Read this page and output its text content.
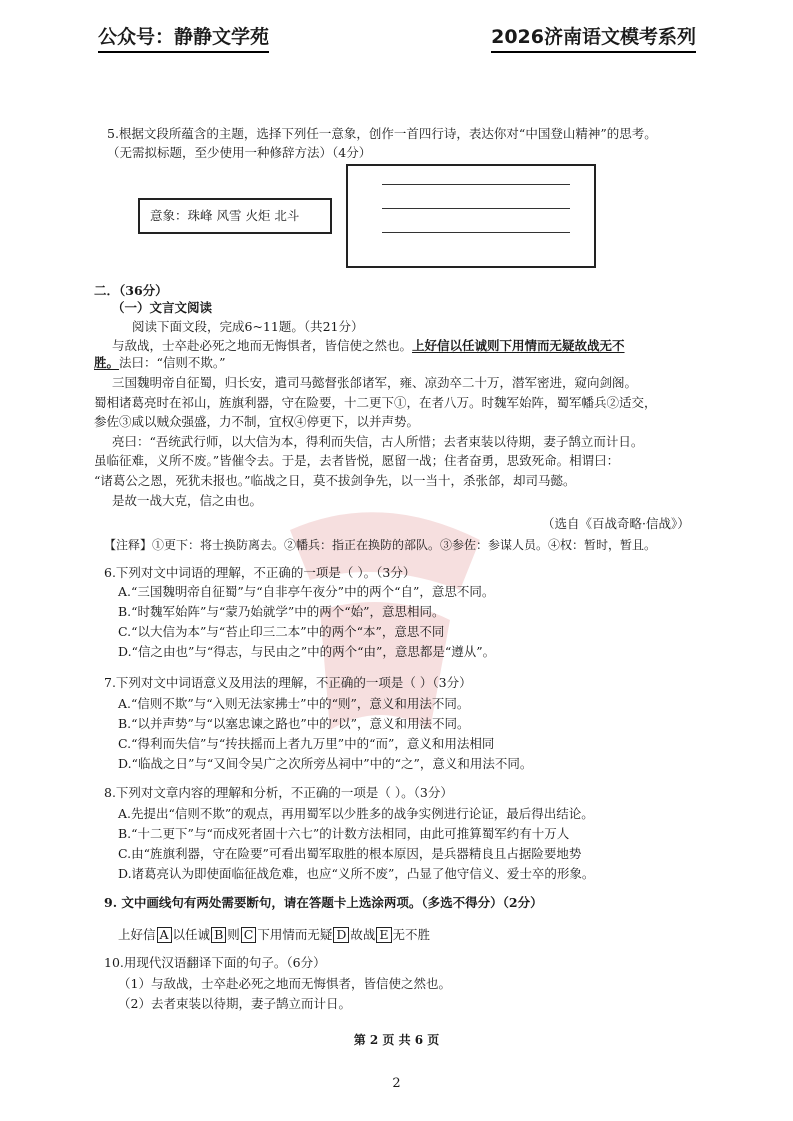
公众号：静静文学苑	2026济南语文模考系列
5.根据文段所蕴含的主题，选择下列任一意象，创作一首四行诗，表达你对“中国登山精神”的思考。
（无需拟标题，至少使用一种修辞方法）（4分）
意象：珠峰 风雪 火炬 北斗
二．（36分）
（一）文言文阅读
阅读下面文段，完成6~11题。（共21分）
与敌战，士卒赴必死之地而无悔惧者，皆信使之然也。上好信以任诚则下用情而无疑故战无不
胜。法曰：“信则不欺。”
三国魏明帝自征蜀，归长安，遣司马懿督张郃诸军，雍、凉劲卒二十万，潜军密进，窥向剑阁。
蜀相诸葛亮时在祁山，旌旗利器，守在险要，十二更下①，在者八万。时魏军始阵，蜀军幡兵②适交，
参佐③咸以贼众强盛，力不制，宜权④停更下，以并声势。
亮曰：“吾统武行师，以大信为本，得利而失信，古人所惜；去者束装以待期，妻子鹄立而计日。
虽临征难，义所不废。”皆催令去。于是，去者皆悦，愿留一战；住者奋勇，思致死命。相谓曰：
“诸葛公之恩，死犹未报也。”临战之日，莫不拔剑争先，以一当十，杀张郃，却司马懿。
是故一战大克，信之由也。
（选自《百战奇略·信战》）
【注释】①更下：将士换防离去。②幡兵：指正在换防的部队。③参佐：参谋人员。④权：暂时，暂且。
6.下列对文中词语的理解，不正确的一项是（ ）。（3分）
A.“三国魏明帝自征蜀”与“自非亭午夜分”中的两个“自”，意思不同。
B.“时魏军始阵”与“蒙乃始就学”中的两个“始”，意思相同。
C.“以大信为本”与“苔止印三二本”中的两个“本”，意思不同
D.“信之由也”与“得志，与民由之”中的两个“由”，意思都是“遵从”。
7.下列对文中词语意义及用法的理解，不正确的一项是（ ）（3分）
A.“信则不欺”与“入则无法家拂士”中的“则”，意义和用法不同。
B.“以并声势”与“以塞忠谏之路也”中的“以”，意义和用法不同。
C.“得利而失信”与“抟扶摇而上者九万里”中的“而”，意义和用法相同
D.“临战之日”与“又间令吴广之次所旁丛祠中”中的“之”，意义和用法不同。
8.下列对文章内容的理解和分析，不正确的一项是（ ）。（3分）
A.先提出“信则不欺”的观点，再用蜀军以少胜多的战争实例进行论证，最后得出结论。
B.“十二更下”与“而戍死者固十六七”的计数方法相同，由此可推算蜀军约有十万人
C.由“旌旗利器，守在险要”可看出蜀军取胜的根本原因，是兵器精良且占据险要地势
D.诸葛亮认为即使面临征战危难，也应“义所不废”，凸显了他守信义、爱士卒的形象。
9. 文中画线句有两处需要断句，请在答题卡上选涂两项。（多选不得分）（2分）
上好信 A 以任诚 B 则 C 下用情而无疑 D 故战 E 无不胜
10.用现代汉语翻译下面的句子。（6分）
（1）与敌战，士卒赴必死之地而无悔惧者，皆信使之然也。
（2）去者束装以待期，妻子鹄立而计日。
第 2 页 共 6 页
2
